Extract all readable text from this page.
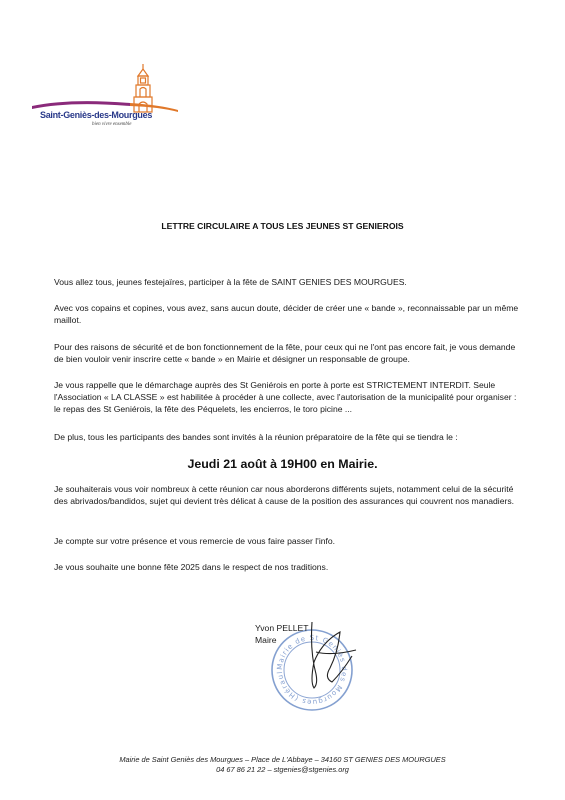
Saint-Geniès-des-Mourgues
bien vivre ensemble
LETTRE CIRCULAIRE A TOUS LES JEUNES ST GENIEROIS
Vous allez tous, jeunes festejaïres, participer à la fête de SAINT GENIES DES MOURGUES.
Avec vos copains et copines, vous avez, sans aucun doute, décider de créer une « bande », reconnaissable par un même maillot.
Pour des raisons de sécurité et de bon fonctionnement de la fête, pour ceux qui ne l'ont pas encore fait, je vous demande de bien vouloir venir inscrire cette « bande » en Mairie et désigner un responsable de groupe.
Je vous rappelle que le démarchage auprès des St Geniérois en porte à porte est STRICTEMENT INTERDIT. Seule l'Association « LA CLASSE » est habilitée à procéder à une collecte, avec l'autorisation de la municipalité pour organiser : le repas des St Geniérois, la fête des Péquelets, les encierros, le toro picine ...
De plus, tous les participants des bandes sont invités à la réunion préparatoire de la fête qui se tiendra le :
Jeudi 21 août à 19H00 en Mairie.
Je souhaiterais vous voir nombreux à cette réunion car nous aborderons différents sujets, notamment celui de la sécurité des abrivados/bandidos, sujet qui devient très délicat à cause de la position des assurances qui couvrent nos manadiers.
Je compte sur votre présence et vous remercie de vous faire passer l'info.
Je vous souhaite une bonne fête 2025 dans le respect de nos traditions.
Mairie de St Geniès des Mourgues (Héraul
Yvon PELLET
Maire
Mairie de Saint Geniès des Mourgues – Place de L'Abbaye – 34160 ST GENIES DES MOURGUES
04 67 86 21 22 – stgenies@stgenies.org
